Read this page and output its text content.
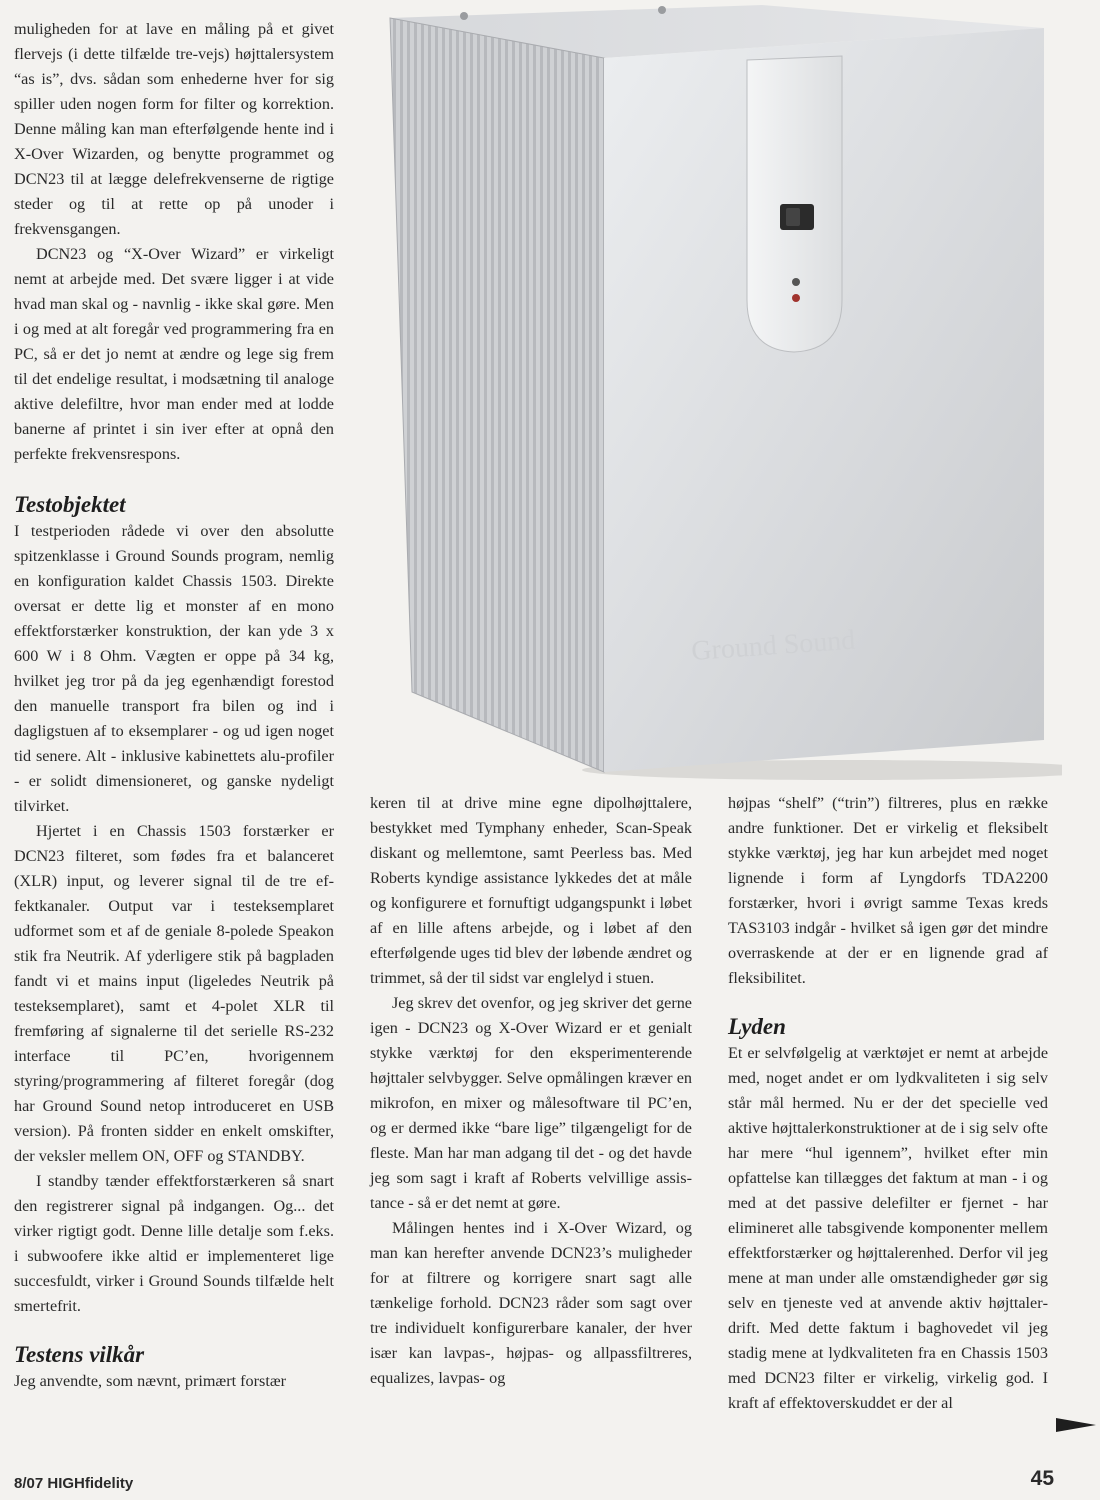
muligheden for at lave en måling på et givet flervejs (i dette tilfælde tre-vejs) højttalersystem “as is”, dvs. sådan som enhederne hver for sig spiller uden nogen form for filter og korrektion. Denne måling kan man efterfølgende hente ind i X-Over Wizarden, og benytte programmet og DCN23 til at lægge delefrekvenserne de rigtige steder og til at rette op på unoder i frekvensgangen.

DCN23 og “X-Over Wizard” er virkeligt nemt at arbejde med. Det svære ligger i at vide hvad man skal og - navnlig - ikke skal gøre. Men i og med at alt foregår ved programmering fra en PC, så er det jo nemt at ændre og lege sig frem til det endelige resultat, i modsætning til analoge aktive delefiltre, hvor man ender med at lodde banerne af printet i sin iver efter at opnå den perfekte frekvensrespons.

Testobjektet

I testperioden rådede vi over den absolutte spitzenklasse i Ground Sounds program, nemlig en konfiguration kaldet Chassis 1503. Direkte oversat er dette lig et monster af en mono effektforstærker konstruktion, der kan yde 3 x 600 W i 8 Ohm. Vægten er oppe på 34 kg, hvilket jeg tror på da jeg egenhændigt forestod den manuelle transport fra bilen og ind i dagligstuen af to eksemplarer - og ud igen noget tid senere. Alt - inklusive kabinettets alu-profiler - er solidt dimensioneret, og ganske nydeligt tilvirket.

Hjertet i en Chassis 1503 forstærker er DCN23 filteret, som fødes fra et balanceret (XLR) input, og leverer signal til de tre effektkanaler. Output var i testeksemplaret udformet som et af de geniale 8-polede Speakon stik fra Neutrik. Af yderligere stik på bagpladen fandt vi et mains input (ligeledes Neutrik på testeksemplaret), samt et 4-polet XLR til fremføring af signalerne til det serielle RS-232 interface til PC’en, hvorigennem styring/programmering af filteret foregår (dog har Ground Sound netop introduceret en USB version). På fronten sidder en enkelt omskifter, der veksler mellem ON, OFF og STANDBY.

I standby tænder effektforstærkeren så snart den registrerer signal på indgangen. Og... det virker rigtigt godt. Denne lille detalje som f.eks. i subwoofere ikke altid er implementeret lige succesfuldt, virker i Ground Sounds tilfælde helt smertefrit.

Testens vilkår

Jeg anvendte, som nævnt, primært forstær

Ground Sound

keren til at drive mine egne dipolhøjttalere, bestykket med Tymphany enheder, Scan-Speak diskant og mellemtone, samt Peerless bas. Med Roberts kyndige assistance lykkedes det at måle og konfigurere et fornuftigt udgangspunkt i løbet af en lille aftens arbejde, og i løbet af den efterfølgende uges tid blev der løbende ændret og trimmet, så der til sidst var englelyd i stuen.

Jeg skrev det ovenfor, og jeg skriver det gerne igen - DCN23 og X-Over Wizard er et genialt stykke værktøj for den eksperimenterende højttaler selvbygger. Selve opmålingen kræver en mikrofon, en mixer og målesoftware til PC’en, og er dermed ikke “bare lige” tilgængeligt for de fleste. Man har man adgang til det - og det havde jeg som sagt i kraft af Roberts velvillige assistance - så er det nemt at gøre.

Målingen hentes ind i X-Over Wizard, og man kan herefter anvende DCN23’s muligheder for at filtrere og korrigere snart sagt alle tænkelige forhold. DCN23 råder som sagt over tre individuelt konfigurerbare kanaler, der hver især kan lavpas-, højpas- og allpassfiltreres, equalizes, lavpas- og

højpas “shelf” (“trin”) filtreres, plus en række andre funktioner. Det er virkelig et fleksibelt stykke værktøj, jeg har kun arbejdet med noget lignende i form af Lyngdorfs TDA2200 forstærker, hvori i øvrigt samme Texas kreds TAS3103 indgår - hvilket så igen gør det mindre overraskende at der er en lignende grad af fleksibilitet.

Lyden

Et er selvfølgelig at værktøjet er nemt at arbejde med, noget andet er om lydkvaliteten i sig selv står mål hermed. Nu er der det specielle ved aktive højttalerkonstruktioner at de i sig selv ofte har mere “hul igennem”, hvilket efter min opfattelse kan tillægges det faktum at man - i og med at det passive delefilter er fjernet - har elimineret alle tabsgivende komponenter mellem effektforstærker og højttalerenhed. Derfor vil jeg mene at man under alle omstændigheder gør sig selv en tjeneste ved at anvende aktiv højttalerdrift. Med dette faktum i baghovedet vil jeg stadig mene at lydkvaliteten fra en Chassis 1503 med DCN23 filter er virkelig, virkelig god. I kraft af effektoverskuddet er der al

8/07 HIGHfidelity	45
